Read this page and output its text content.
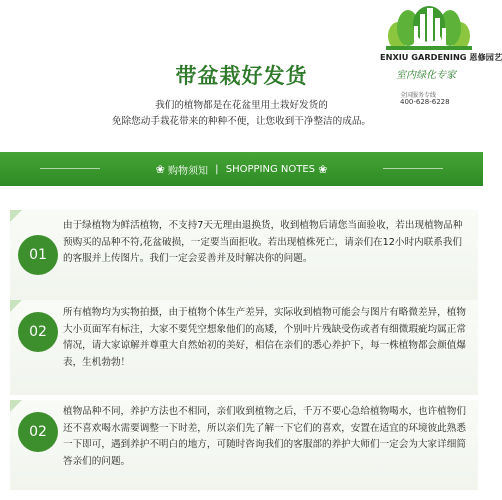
带盆栽好发货
我们的植物都是在花盆里用土栽好发货的
免除您动手栽花带来的种种不便，让您收到干净整洁的成品。
ENXIU GARDENING 恩修园艺
室内绿化专家
全国服务专线
400-628-6228
❀ 购物须知 | SHOPPING NOTES ❀
01
由于绿植物为鲜活植物，不支持7天无理由退换货，收到植物后请您当面验收，若出现植物品种预购买的品种不符,花盆破损，一定要当面拒收。若出现植株死亡，请亲们在12小时内联系我们的客服并上传图片。我们一定会妥善并及时解决你的问题。
02
所有植物均为实物拍摄，由于植物个体生产差异，实际收到植物可能会与图片有略微差异，植物大小页面军有标注，大家不要凭空想象他们的高矮，个别叶片残缺受伤或者有细微瑕疵均属正常情况，请大家谅解并尊重大自然始初的美好，相信在亲们的悉心养护下，每一株植物都会颜值爆表，生机勃勃！
02
植物品种不同，养护方法也不相同，亲们收到植物之后，千万不要心急给植物喝水，也许植物们还不喜欢喝水需要调整一下时差，所以亲们先了解一下它们的喜欢，安置在适宜的环境彼此熟悉一下即可，遇到养护不明白的地方，可随时咨询我们的客服部的养护大师们一定会为大家详细简答亲们的问题。
